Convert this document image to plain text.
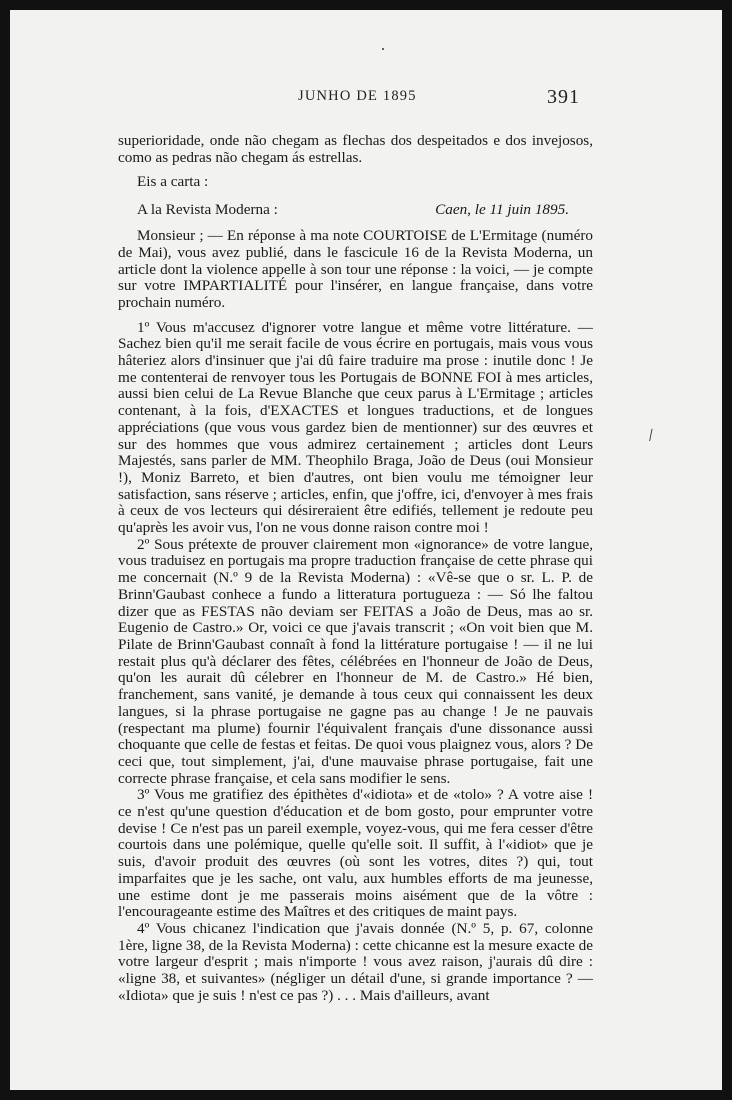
JUNHO DE 1895	391
⁄

superioridade, onde não chegam as flechas dos despeitados e dos invejosos, como as pedras não chegam ás estrellas.

Eis a carta :

A la Revista Moderna :	Caen, le 11 juin 1895.

Monsieur ; — En réponse à ma note COURTOISE de L'Ermitage (numéro de Mai), vous avez publié, dans le fascicule 16 de la Revista Moderna, un article dont la violence appelle à son tour une réponse : la voici, — je compte sur votre IMPARTIALITÉ pour l'insérer, en langue française, dans votre prochain numéro.

1º Vous m'accusez d'ignorer votre langue et même votre littérature. — Sachez bien qu'il me serait facile de vous écrire en portugais, mais vous vous hâteriez alors d'insinuer que j'ai dû faire traduire ma prose : inutile donc ! Je me contenterai de renvoyer tous les Portugais de BONNE FOI à mes articles, aussi bien celui de La Revue Blanche que ceux parus à L'Ermitage ; articles contenant, à la fois, d'EXACTES et longues traductions, et de longues appréciations (que vous vous gardez bien de mentionner) sur des œuvres et sur des hommes que vous admirez certainement ; articles dont Leurs Majestés, sans parler de MM. Theophilo Braga, João de Deus (oui Monsieur !), Moniz Barreto, et bien d'autres, ont bien voulu me témoigner leur satisfaction, sans réserve ; articles, enfin, que j'offre, ici, d'envoyer à mes frais à ceux de vos lecteurs qui désireraient être edifiés, tellement je redoute peu qu'après les avoir vus, l'on ne vous donne raison contre moi !

2º Sous prétexte de prouver clairement mon «ignorance» de votre langue, vous traduisez en portugais ma propre traduction française de cette phrase qui me concernait (N.º 9 de la Revista Moderna) : «Vê-se que o sr. L. P. de Brinn'Gaubast conhece a fundo a litteratura portugueza : — Só lhe faltou dizer que as FESTAS não deviam ser FEITAS a João de Deus, mas ao sr. Eugenio de Castro.» Or, voici ce que j'avais transcrit ; «On voit bien que M. Pilate de Brinn'Gaubast connaît à fond la littérature portugaise ! — il ne lui restait plus qu'à déclarer des fêtes, célébrées en l'honneur de João de Deus, qu'on les aurait dû célebrer en l'honneur de M. de Castro.» Hé bien, franchement, sans vanité, je demande à tous ceux qui connaissent les deux langues, si la phrase portugaise ne gagne pas au change ! Je ne pauvais (respectant ma plume) fournir l'équivalent français d'une dissonance aussi choquante que celle de festas et feitas. De quoi vous plaignez vous, alors ? De ceci que, tout simplement, j'ai, d'une mauvaise phrase portugaise, fait une correcte phrase française, et cela sans modifier le sens.

3º Vous me gratifiez des épithètes d'«idiota» et de «tolo» ? A votre aise ! ce n'est qu'une question d'éducation et de bom gosto, pour emprunter votre devise ! Ce n'est pas un pareil exemple, voyez-vous, qui me fera cesser d'être courtois dans une polémique, quelle qu'elle soit. Il suffit, à l'«idiot» que je suis, d'avoir produit des œuvres (où sont les votres, dites ?) qui, tout imparfaites que je les sache, ont valu, aux humbles efforts de ma jeunesse, une estime dont je me passerais moins aisément que de la vôtre : l'encourageante estime des Maîtres et des critiques de maint pays.

4º Vous chicanez l'indication que j'avais donnée (N.º 5, p. 67, colonne 1ère, ligne 38, de la Revista Moderna) : cette chicanne est la mesure exacte de votre largeur d'esprit ; mais n'importe ! vous avez raison, j'aurais dû dire : «ligne 38, et suivantes» (négliger un détail d'une, si grande importance ? — «Idiota» que je suis ! n'est ce pas ?) . . . Mais d'ailleurs, avant
